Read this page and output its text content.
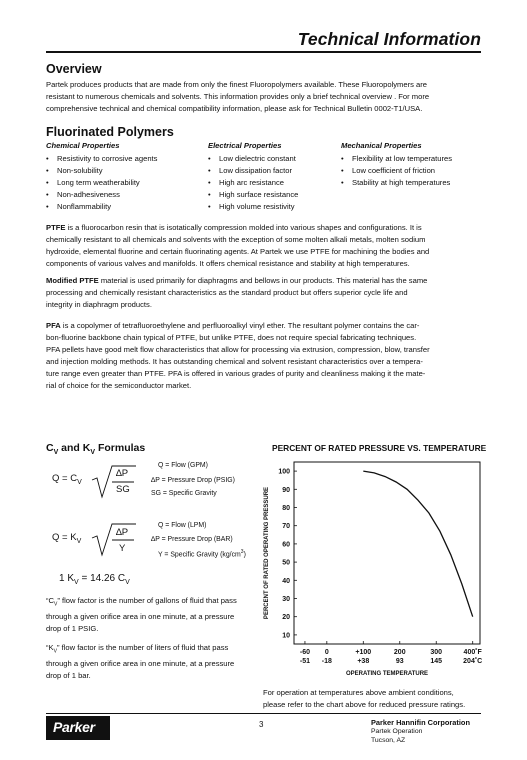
Technical Information
Overview

Partek produces products that are made from only the finest Fluoropolymers available. These Fluoropolymers are
resistant to numerous chemicals and solvents. This information provides only a brief technical overview . For more
comprehensive technical and chemical compatibility information, please ask for Technical Bulletin 0002-T1/USA.

Fluorinated Polymers
Chemical Properties
• Resistivity to corrosive agents
• Non-solubility
• Long term weatherability
• Non-adhesiveness
• Nonflammability
Electrical Properties
• Low dielectric constant
• Low dissipation factor
• High arc resistance
• High surface resistance
• High volume resistivity
Mechanical Properties
• Flexibility at low temperatures
• Low coefficient of friction
• Stability at high temperatures

PTFE is a fluorocarbon resin that is isotatically compression molded into various shapes and configurations. It is
chemically resistant to all chemicals and solvents with the exception of some molten alkali metals, molten sodium
hydroxide, elemental fluorine and certain fluorinating agents. At Partek we use PTFE for machining the bodies and
components of various valves and manifolds. It offers chemical resistance and stability at high temperatures.

Modified PTFE material is used primarily for diaphragms and bellows in our products. This material has the same
processing and chemically resistant characteristics as the standard product but offers superior cycle life and
integrity in diaphragm products.

PFA is a copolymer of tetrafluoroethylene and perfluoroalkyl vinyl ether. The resultant polymer contains the car-
bon-fluorine backbone chain typical of PTFE, but unlike PTFE, does not require special fabricating techniques.
PFA pellets have good melt flow characteristics that allow for processing via extrusion, compression, blow, transfer
and injection molding methods. It has outstanding chemical and solvent resistant characteristics over a tempera-
ture range even greater than PTFE. PFA is offered in various grades of purity and cleanliness making it the mate-
rial of choice for the semiconductor market.

$C_V$ and $K_V$ Formulas
$Q = C_V$
∆P
SG
Q = Flow (GPM)
∆P = Pressure Drop (PSIG)
SG = Specific Gravity
$Q = K_V$
∆P
Y
Q = Flow (LPM)
∆P = Pressure Drop (BAR)
Y = Specific Gravity $(kg/cm^3)$
1 $K_V = 14.26$ $C_V$
“$C_V$” flow factor is the number of gallons of fluid that pass
through a given orifice area in one minute, at a pressure
drop of 1 PSIG.
“$K_V$” flow factor is the number of liters of fluid that pass
through a given orifice area in one minute, at a pressure
drop of 1 bar.
PERCENT OF RATED PRESSURE VS. TEMPERATURE
100
90
80
70
60
50
40
30
20
10
-60
-51
0
-18
+100
+38
200
93
300
145
400˚F
204˚C
PERCENT OF RATED OPERATING PRESSURE
OPERATING TEMPERATURE
For operation at temperatures above ambient conditions,
please refer to the chart above for reduced pressure ratings.
Parker	3	Parker Hannifin Corporation
Partek Operation
Tucson, AZ
